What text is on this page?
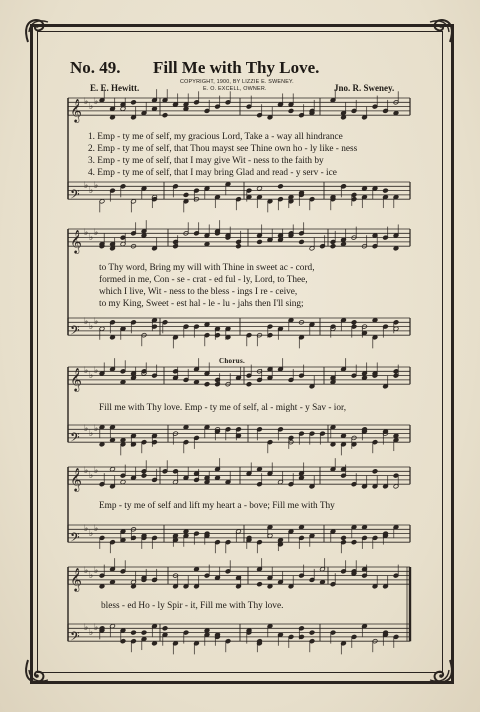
No. 49. Fill Me with Thy Love.
COPYRIGHT, 1900, BY LIZZIE E. SWENEY.
E. O. EXCELL, OWNER.
E. E. Hewitt.	Jno. R. Sweney.
𝄞 ♭ ♭ ♭
𝄢
♭ ♭ ♭
𝄞 ♭ ♭ ♭
𝄢
♭ ♭ ♭
𝄞 ♭ ♭ ♭
𝄢
♭ ♭ ♭
𝄞 ♭ ♭ ♭
𝄢
♭ ♭ ♭
𝄞 ♭ ♭ ♭
𝄢
♭ ♭ ♭
Chorus.
1. Emp - ty me of self, my gracious Lord, Take a - way all hindrance
2. Emp - ty me of self, that Thou mayst see Thine own ho - ly like - ness
3. Emp - ty me of self, that I may give Wit - ness to the faith by
4. Emp - ty me of self, that I may bring Glad and read - y serv - ice
to Thy word, Bring my will with Thine in sweet ac - cord,
formed in me, Con - se - crat - ed ful - ly, Lord, to Thee,
which I live, Wit - ness to the bless - ings I re - ceive,
to my King, Sweet - est hal - le - lu - jahs then I'll sing;
Fill me with Thy love. Emp - ty me of self, al - might - y Sav - ior,
Emp - ty me of self and lift my heart a - bove; Fill me with Thy
bless - ed Ho - ly Spir - it, Fill me with Thy love.
